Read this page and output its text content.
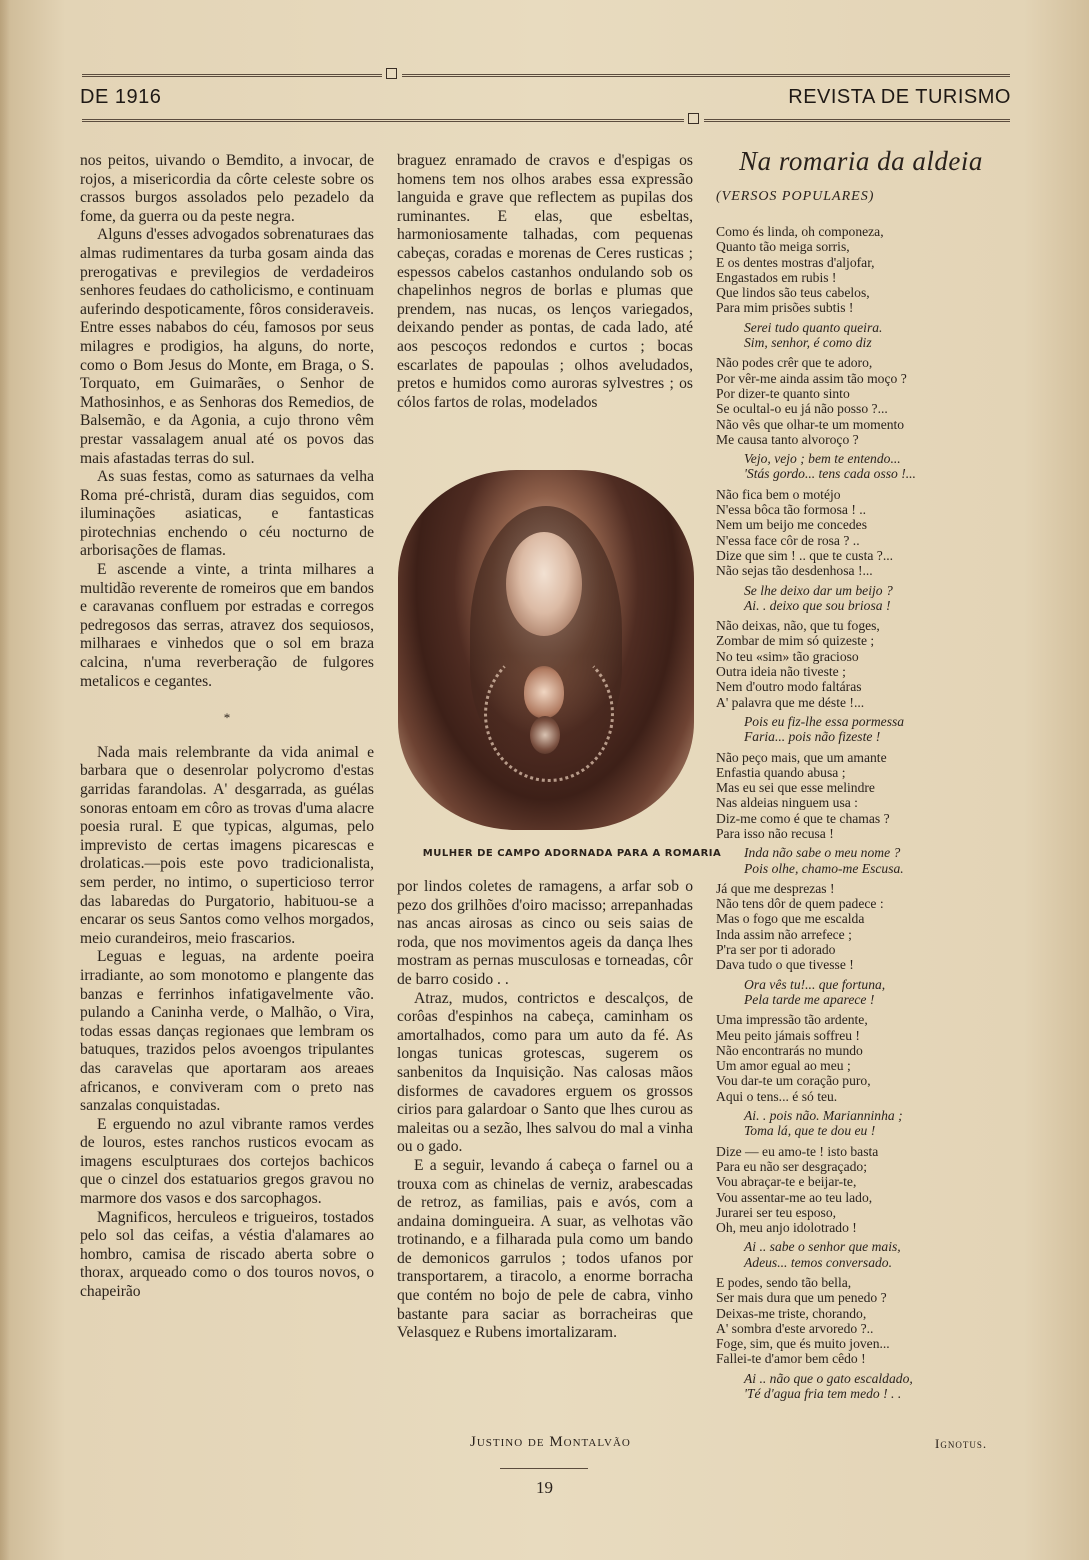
DE 1916	REVISTA DE TURISMO

nos peitos, uivando o Bemdito, a invocar, de rojos, a misericordia da côrte celeste sobre os crassos burgos assolados pelo pezadelo da fome, da guerra ou da peste negra.

Alguns d'esses advogados sobrenaturaes das almas rudimentares da turba gosam ainda das prerogativas e previlegios de verdadeiros senhores feudaes do catholicismo, e continuam auferindo despoticamente, fôros consideraveis. Entre esses nababos do céu, famosos por seus milagres e prodigios, ha alguns, do norte, como o Bom Jesus do Monte, em Braga, o S. Torquato, em Guimarães, o Senhor de Mathosinhos, e as Senhoras dos Remedios, de Balsemão, e da Agonia, a cujo throno vêm prestar vassalagem anual até os povos das mais afastadas terras do sul.

As suas festas, como as saturnaes da velha Roma pré-christã, duram dias seguidos, com iluminações asiaticas, e fantasticas pirotechnias enchendo o céu nocturno de arborisações de flamas.

E ascende a vinte, a trinta milhares a multidão reverente de romeiros que em bandos e caravanas confluem por estradas e corregos pedregosos das serras, atravez dos sequiosos, milharaes e vinhedos que o sol em braza calcina, n'uma reverberação de fulgores metalicos e cegantes.

*

Nada mais relembrante da vida animal e barbara que o desenrolar polycromo d'estas garridas farandolas. A' desgarrada, as guélas sonoras entoam em côro as trovas d'uma alacre poesia rural. E que typicas, algumas, pelo imprevisto de certas imagens picarescas e drolaticas.—pois este povo tradicionalista, sem perder, no intimo, o superticioso terror das labaredas do Purgatorio, habituou-se a encarar os seus Santos como velhos morgados, meio curandeiros, meio frascarios.

Leguas e leguas, na ardente poeira irradiante, ao som monotomo e plangente das banzas e ferrinhos infatigavelmente vão. pulando a Caninha verde, o Malhão, o Vira, todas essas danças regionaes que lembram os batuques, trazidos pelos avoengos tripulantes das caravelas que aportaram aos areaes africanos, e conviveram com o preto nas sanzalas conquistadas.

E erguendo no azul vibrante ramos verdes de louros, estes ranchos rusticos evocam as imagens esculpturaes dos cortejos bachicos que o cinzel dos estatuarios gregos gravou no marmore dos vasos e dos sarcophagos.

Magnificos, herculeos e trigueiros, tostados pelo sol das ceifas, a véstia d'alamares ao hombro, camisa de riscado aberta sobre o thorax, arqueado como o dos touros novos, o chapeirão

braguez enramado de cravos e d'espigas os homens tem nos olhos arabes essa expressão languida e grave que reflectem as pupilas dos ruminantes. E elas, que esbeltas, harmoniosamente talhadas, com pequenas cabeças, coradas e morenas de Ceres rusticas ; espessos cabelos castanhos ondulando sob os chapelinhos negros de borlas e plumas que prendem, nas nucas, os lenços variegados, deixando pender as pontas, de cada lado, até aos pescoços redondos e curtos ; bocas escarlates de papoulas ; olhos aveludados, pretos e humidos como auroras sylvestres ; os cólos fartos de rolas, modelados

MULHER DE CAMPO ADORNADA PARA A ROMARIA

por lindos coletes de ramagens, a arfar sob o pezo dos grilhões d'oiro macisso; arrepanhadas nas ancas airosas as cinco ou seis saias de roda, que nos movimentos ageis da dança lhes mostram as pernas musculosas e torneadas, côr de barro cosido . .

Atraz, mudos, contrictos e descalços, de corôas d'espinhos na cabeça, caminham os amortalhados, como para um auto da fé. As longas tunicas grotescas, sugerem os sanbenitos da Inquisição. Nas calosas mãos disformes de cavadores erguem os grossos cirios para galardoar o Santo que lhes curou as maleitas ou a sezão, lhes salvou do mal a vinha ou o gado.

E a seguir, levando á cabeça o farnel ou a trouxa com as chinelas de verniz, arabescadas de retroz, as familias, pais e avós, com a andaina domingueira. A suar, as velhotas vão trotinando, e a filharada pula como um bando de demonicos garrulos ; todos ufanos por transportarem, a tiracolo, a enorme borracha que contém no bojo de pele de cabra, vinho bastante para saciar as borracheiras que Velasquez e Rubens imortalizaram.

Justino de Montalvão
Na romaria da aldeia
(VERSOS POPULARES)
Como és linda, oh componeza,
Quanto tão meiga sorris,
E os dentes mostras d'aljofar,
Engastados em rubis !
Que lindos são teus cabelos,
Para mim prisões subtis !
Serei tudo quanto queira.
Sim, senhor, é como diz
Não podes crêr que te adoro,
Por vêr-me ainda assim tão moço ?
Por dizer-te quanto sinto
Se ocultal-o eu já não posso ?...
Não vês que olhar-te um momento
Me causa tanto alvoroço ?
Vejo, vejo ; bem te entendo...
'Stás gordo... tens cada osso !...
Não fica bem o motéjo
N'essa bôca tão formosa ! ..
Nem um beijo me concedes
N'essa face côr de rosa ? ..
Dize que sim ! .. que te custa ?...
Não sejas tão desdenhosa !...
Se lhe deixo dar um beijo ?
Ai. . deixo que sou briosa !
Não deixas, não, que tu foges,
Zombar de mim só quizeste ;
No teu «sim» tão gracioso
Outra ideia não tiveste ;
Nem d'outro modo faltáras
A' palavra que me déste !...
Pois eu fiz-lhe essa pormessa
Faria... pois não fizeste !
Não peço mais, que um amante
Enfastia quando abusa ;
Mas eu sei que esse melindre
Nas aldeias ninguem usa :
Diz-me como é que te chamas ?
Para isso não recusa !
Inda não sabe o meu nome ?
Pois olhe, chamo-me Escusa.
Já que me desprezas !
Não tens dôr de quem padece :
Mas o fogo que me escalda
Inda assim não arrefece ;
P'ra ser por ti adorado
Dava tudo o que tivesse !
Ora vês tu!... que fortuna,
Pela tarde me aparece !
Uma impressão tão ardente,
Meu peito jámais soffreu !
Não encontrarás no mundo
Um amor egual ao meu ;
Vou dar-te um coração puro,
Aqui o tens... é só teu.
Ai. . pois não. Marianninha ;
Toma lá, que te dou eu !
Dize — eu amo-te ! isto basta
Para eu não ser desgraçado;
Vou abraçar-te e beijar-te,
Vou assentar-me ao teu lado,
Jurarei ser teu esposo,
Oh, meu anjo idolotrado !
Ai .. sabe o senhor que mais,
Adeus... temos conversado.
E podes, sendo tão bella,
Ser mais dura que um penedo ?
Deixas-me triste, chorando,
A' sombra d'este arvoredo ?..
Foge, sim, que és muito joven...
Fallei-te d'amor bem cêdo !
Ai .. não que o gato escaldado,
'Té d'agua fria tem medo ! . .
Ignotus.
19
